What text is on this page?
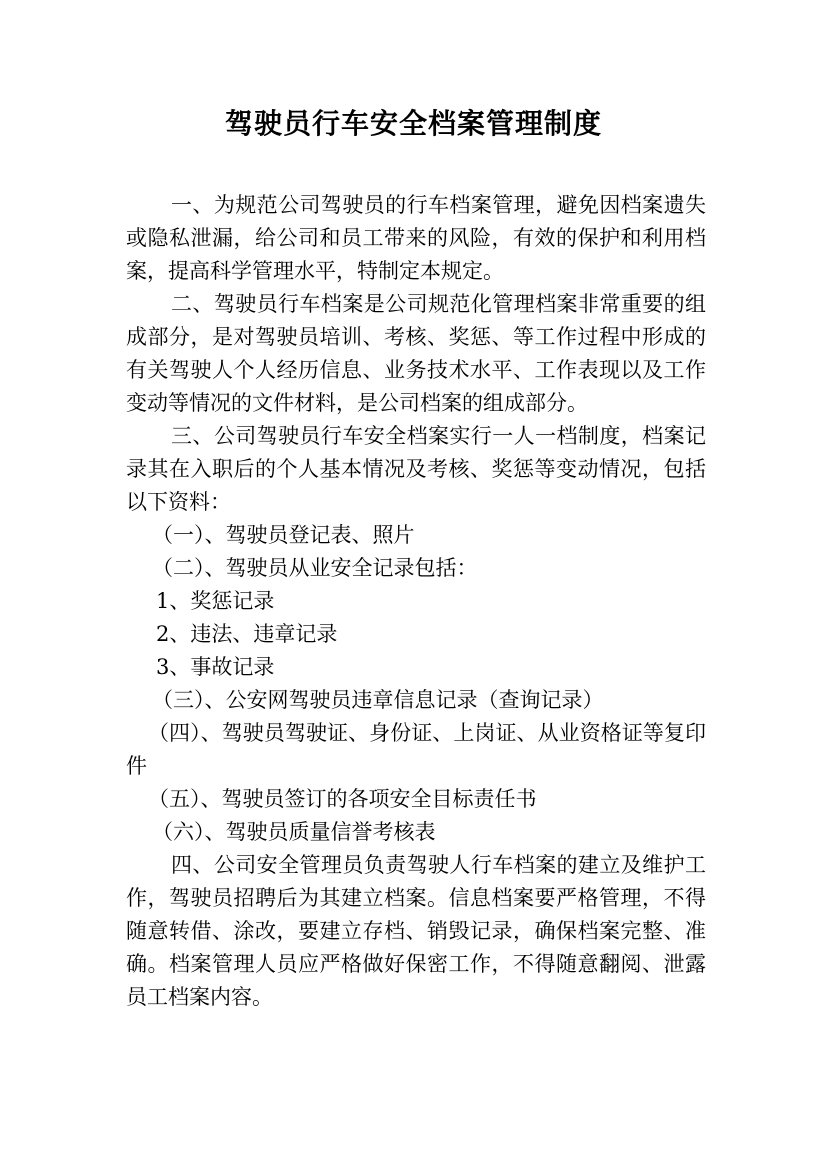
驾驶员行车安全档案管理制度

一、为规范公司驾驶员的行车档案管理，避免因档案遗失或隐私泄漏，给公司和员工带来的风险，有效的保护和利用档案，提高科学管理水平，特制定本规定。

二、驾驶员行车档案是公司规范化管理档案非常重要的组成部分，是对驾驶员培训、考核、奖惩、等工作过程中形成的有关驾驶人个人经历信息、业务技术水平、工作表现以及工作变动等情况的文件材料，是公司档案的组成部分。

三、公司驾驶员行车安全档案实行一人一档制度，档案记录其在入职后的个人基本情况及考核、奖惩等变动情况，包括以下资料：

（一）、驾驶员登记表、照片

（二）、驾驶员从业安全记录包括：

1、奖惩记录

2、违法、违章记录

3、事故记录

（三）、公安网驾驶员违章信息记录（查询记录）

（四）、驾驶员驾驶证、身份证、上岗证、从业资格证等复印件

（五）、驾驶员签订的各项安全目标责任书

（六）、驾驶员质量信誉考核表

四、公司安全管理员负责驾驶人行车档案的建立及维护工作，驾驶员招聘后为其建立档案。信息档案要严格管理，不得随意转借、涂改，要建立存档、销毁记录，确保档案完整、准确。档案管理人员应严格做好保密工作，不得随意翻阅、泄露员工档案内容。
